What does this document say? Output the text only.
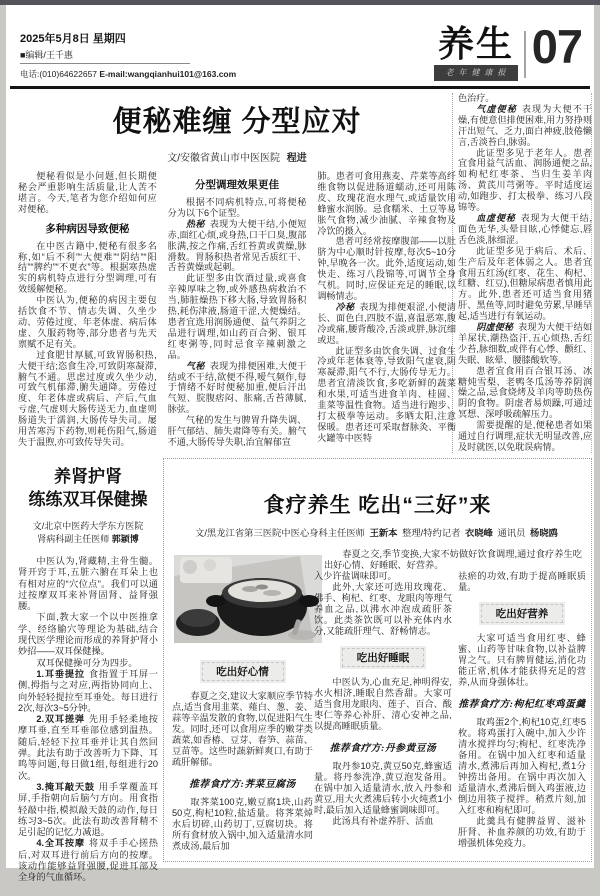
2025年5月8日 星期四
■编辑/王千惠
电话:(010)64622657 E-mail:wangqianhui101@163.com
养生
老年健康报 07
便秘难缠 分型应对
文/安徽省黄山市中医医院 程进

便秘看似是小问题,但长期便秘会严重影响生活质量,让人苦不堪言。今天,笔者为您介绍如何应对便秘。

多种病因导致便秘

在中医古籍中,便秘有很多名称,如“后不利”“大便难”“阴结”“阳结”“脾约”“不更衣”等。根据寒热虚实的病机特点进行分型调理,可有效缓解便秘。

中医认为,便秘的病因主要包括饮食不节、情志失调、久坐少动、劳倦过度、年老体虚、病后体虚、久服药物等,部分患者与先天禀赋不足有关。

过食肥甘厚腻,可致胃肠积热,大便干结;恣食生冷,可致阴寒凝滞,腑气不通。思虑过度或久坐少动,可致气机郁滞,腑失通降。劳倦过度、年老体虚或病后、产后,气血亏虚,气虚则大肠传送无力,血虚则肠道失于濡润,大肠传导失司。屡用苦寒泻下药物,则耗伤阳气,肠道失于温煦,亦可致传导失司。

分型调理效果更佳

根据不同病机特点,可将便秘分为以下6个证型。

热秘 表现为大便干结,小便短赤,面红心烦,或身热,口干口臭,腹部胀满,按之作痛,舌红苔黄或黄燥,脉滑数。胃肠积热者常见舌质红干、舌苔黄燥或起刺。

此证型多由饮酒过量,或喜食辛辣厚味之物,或外感热病救治不当,肺脏燥热下移大肠,导致胃肠积热,耗伤津液,肠道干涩,大便燥结。患者宜选用润肠通便、益气养阴之品进行调理,如山药百合粥、银耳红枣粥等,同时忌食辛辣刺激之品。

气秘 表现为排便困难,大便干结或不干结,欲便不得,嗳气频作,每于情绪不好时便秘加重,便后汗出气短、脘腹痞闷、胀痛,舌苔薄腻,脉弦。

气秘的发生与脾胃升降失调、肝气郁结、肺失肃降等有关。腑气不通,大肠传导失职,治宜解郁宣

肺。患者可食用燕麦、芹菜等高纤维食物以促进肠道蠕动,还可用陈皮、玫瑰花泡水理气,或适量饮用蜂蜜水润肠。忌食糯米、土豆等易胀气食物,减少油腻、辛辣食物及冷饮的摄入。

患者可经常按摩腹部——以肚脐为中心顺时针按摩,每次5~10分钟,早晚各一次。此外,适度运动,如快走、练习八段锦等,可调节全身气机。同时,应保证充足的睡眠,以调畅情志。

冷秘 表现为排便艰涩,小便清长、面色白,四肢不温,喜温恶寒,腹冷或痛,腰背酸冷,舌淡或胖,脉沉细或迟。

此证型多由饮食失调、过食生冷或年老体衰等,导致阳气虚衰,阴寒凝滞,阳气不行,大肠传导无力。患者宜清淡饮食,多吃新鲜的蔬菜和水果,可适当进食羊肉、桂圆、韭菜等温性食物。适当进行跑步、打太极拳等运动。多晒太阳,注意保暖。患者还可采取督脉灸、平衡火罐等中医特

色治疗。

气虚便秘 表现为大便不干燥,有便意但排便困难,用力努挣则汗出短气、乏力,面白神疲,肢倦懒言,舌淡苔白,脉弱。

此证型多见于老年人。患者宜食用益气活血、润肠通便之品,如枸杞红枣茶、当归生姜羊肉汤、黄芪川芎粥等。平时适度运动,如跑步、打太极拳、练习八段锦等。

血虚便秘 表现为大便干结,面色无华,头晕目眩,心悸健忘,唇舌色淡,脉细涩。

此证型多见于病后、术后、生产后及年老体弱之人。患者宜食用五红汤(红枣、花生、枸杞、红糖、红豆),但糖尿病患者慎用此方。此外,患者还可适当食用猪肝、黑鱼等,同时避免劳累,早睡早起,适当进行有氧运动。

阴虚便秘 表现为大便干结如羊屎状,潮热盗汗,五心烦热,舌红少苔,脉细数,或伴有心悸、颧红、失眠、眩晕、腰膝酸软等。

患者宜食用百合银耳汤、冰糖炖雪梨、老鸭冬瓜汤等养阴润燥之品,忌食烧烤及羊肉等助热伤阴的食物。阴虚者易烦躁,可通过冥想、深呼吸疏解压力。

需要提醒的是,便秘患者如果通过自行调理,症状无明显改善,应及时就医,以免耽误病情。

养肾护肾
练练双耳保健操
文/北京中医药大学东方医院
肾病科副主任医师 郭颖博

中医认为,肾藏精,主骨生髓。肾开窍于耳,五脏六腑在耳朵上也有相对应的“穴位点”。我们可以通过按摩双耳来补肾固肾、益肾强腰。

下面,教大家一个以中医推拿学、经络腧穴等理论为基础,结合现代医学理论而形成的养肾护肾小妙招——双耳保健操。

双耳保健操可分为四步。

1.耳垂提拉 食指置于耳屏一侧,拇指与之对应,两指协同向上、向外轻轻提拉至耳垂处。每日进行2次,每次3~5分钟。

2.双耳搓弹 先用手轻柔地按摩耳垂,直至耳垂部位感到温热。随后,轻轻下拉耳垂并让其自然回弹。此法有助于改善听力下降、耳鸣等问题,每日做1组,每组进行20次。

3.掩耳敲天鼓 用手掌覆盖耳屏,手指朝向后脑勺方向。用食指轻敲中指,模拟敲天鼓的动作,每日练习3~5次。此法有助改善肾精不足引起的记忆力减退。

4.全耳按摩 将双手手心搓热后,对双耳进行前后方向的按摩。该动作能够益肾强腰,促进耳部及全身的气血循环。

食疗养生 吃出“三好”来
文/黑龙江省第三医院中医心身科主任医师 王新本 整理/特约记者 衣晓峰 通讯员 杨晓鸥

春夏之交,季节变换,大家不妨做好饮食调理,通过食疗养生吃出好心情、好睡眠、好营养。

吃出好心情

春夏之交,建议大家顺应季节特点,适当食用韭菜、薤白、葱、姜、蒜等辛温发散的食物,以促进阳气生发。同时,还可以食用应季的嫩芽类蔬菜,如香椿、豆芽、春笋、蒜苗、豆苗等。这些时蔬新鲜爽口,有助于疏肝解郁。

推荐食疗方:荠菜豆腐汤

取荠菜100克,嫩豆腐1块,山药50克,枸杞10粒,盐适量。将荠菜焯水后切碎,山药切丁,豆腐切块。将所有食材放入锅中,加入适量清水同煮成汤,最后加

入少许盐调味即可。

此外,大家还可选用玫瑰花、佛手、枸杞、红枣、龙眼肉等理气养血之品,以沸水冲泡成疏肝茶饮。此类茶饮既可以补充体内水分,又能疏肝理气、舒畅情志。

吃出好睡眠

中医认为,心血充足,神明得安,水火相济,睡眠自然香甜。大家可适当食用龙眼肉、莲子、百合、酸枣仁等养心补肝、清心安神之品,以提高睡眠质量。

推荐食疗方:丹参黄豆汤

取丹参10克,黄豆50克,蜂蜜适量。将丹参洗净,黄豆泡发备用。在锅中加入适量清水,放入丹参和黄豆,用大火煮沸后转小火炖煮1小时,最后加入适量蜂蜜调味即可。

此汤具有补虚养肝、活血

祛瘀的功效,有助于提高睡眠质量。

吃出好营养

大家可适当食用红枣、蜂蜜、山药等甘味食物,以补益脾胃之气。只有脾胃健运,消化功能正常,机体才能获得充足的营养,从而身强体壮。

推荐食疗方:枸杞红枣鸡蛋羹

取鸡蛋2个,枸杞10克,红枣5枚。将鸡蛋打入碗中,加入少许清水搅拌均匀;枸杞、红枣洗净备用。在锅中加入红枣和适量清水,煮沸后再加入枸杞,煮1分钟捞出备用。在锅中再次加入适量清水,煮沸后倒入鸡蛋液,边倒边用筷子搅拌。稍煮片刻,加入红枣和枸杞即可。

此羹具有健脾益胃、滋补肝肾、补血养颜的功效,有助于增强机体免疫力。
